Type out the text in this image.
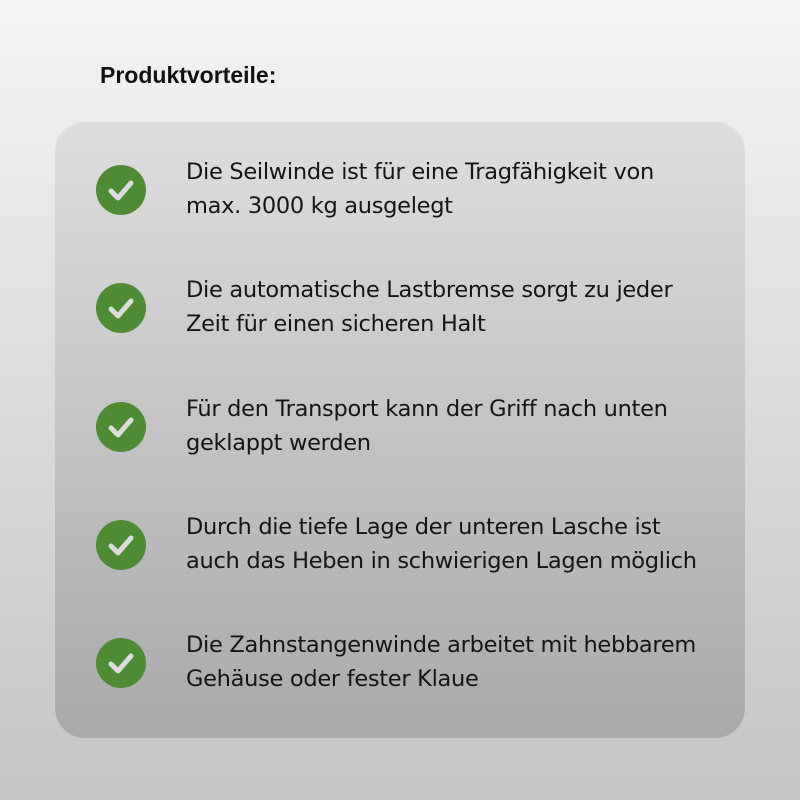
Produktvorteile:
Die Seilwinde ist für eine Tragfähigkeit von
max. 3000 kg ausgelegt
Die automatische Lastbremse sorgt zu jeder
Zeit für einen sicheren Halt
Für den Transport kann der Griff nach unten
geklappt werden
Durch die tiefe Lage der unteren Lasche ist
auch das Heben in schwierigen Lagen möglich
Die Zahnstangenwinde arbeitet mit hebbarem
Gehäuse oder fester Klaue
